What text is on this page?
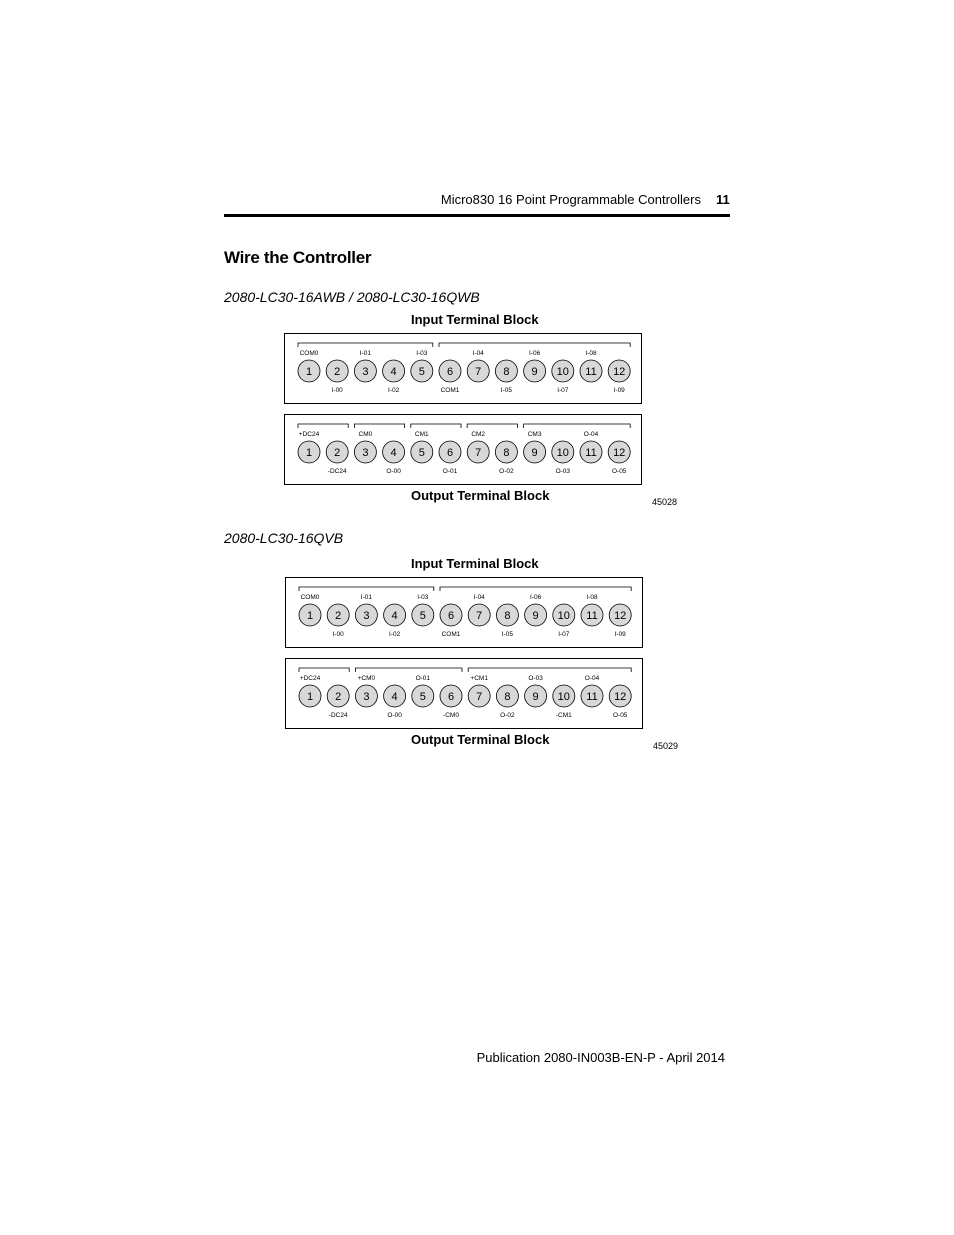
Micro830 16 Point Programmable Controllers 11
Wire the Controller
2080-LC30-16AWB / 2080-LC30-16QWB
Input Terminal Block
COM0	I-01	I-03	I-04	I-06	I-08
1 2 3 4 5 6 7 8 9 10 11 12
I-00	I-02	COM1	I-05	I-07	I-09
+DC24	CM0	CM1	CM2	CM3	O-04
1 2 3 4 5 6 7 8 9 10 11 12
-DC24	O-00	O-01	O-02	O-03	O-05
Output Terminal Block	45028
2080-LC30-16QVB
Input Terminal Block
COM0	I-01	I-03	I-04	I-06	I-08
1 2 3 4 5 6 7 8 9 10 11 12
I-00	I-02	COM1	I-05	I-07	I-09
+DC24	+CM0	O-01	+CM1	O-03	O-04
1 2 3 4 5 6 7 8 9 10 11 12
-DC24	O-00	-CM0	O-02	-CM1	O-05
Output Terminal Block	45029
Publication 2080-IN003B-EN-P - April 2014
